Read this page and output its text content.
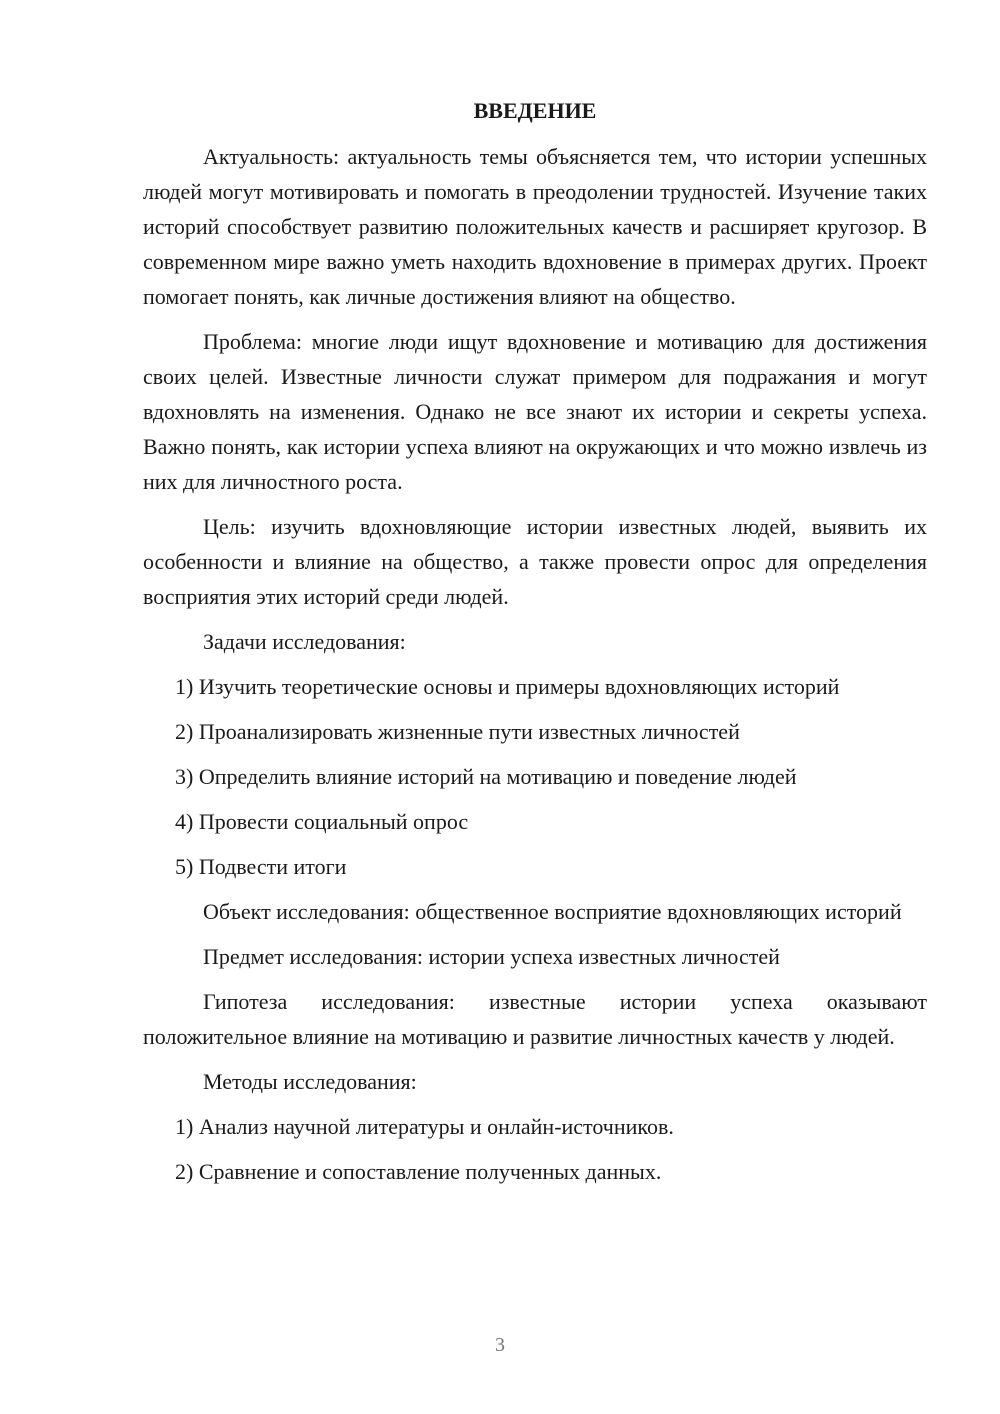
ВВЕДЕНИЕ

Актуальность: актуальность темы объясняется тем, что истории успешных людей могут мотивировать и помогать в преодолении трудностей. Изучение таких историй способствует развитию положительных качеств и расширяет кругозор. В современном мире важно уметь находить вдохновение в примерах других. Проект помогает понять, как личные достижения влияют на общество.

Проблема: многие люди ищут вдохновение и мотивацию для достижения своих целей. Известные личности служат примером для подражания и могут вдохновлять на изменения. Однако не все знают их истории и секреты успеха. Важно понять, как истории успеха влияют на окружающих и что можно извлечь из них для личностного роста.

Цель: изучить вдохновляющие истории известных людей, выявить их особенности и влияние на общество, а также провести опрос для определения восприятия этих историй среди людей.

Задачи исследования:

1) Изучить теоретические основы и примеры вдохновляющих историй
2) Проанализировать жизненные пути известных личностей
3) Определить влияние историй на мотивацию и поведение людей
4) Провести социальный опрос
5) Подвести итоги

Объект исследования: общественное восприятие вдохновляющих историй

Предмет исследования: истории успеха известных личностей

Гипотеза исследования: известные истории успеха оказывают положительное влияние на мотивацию и развитие личностных качеств у людей.

Методы исследования:

1) Анализ научной литературы и онлайн-источников.
2) Сравнение и сопоставление полученных данных.
3
